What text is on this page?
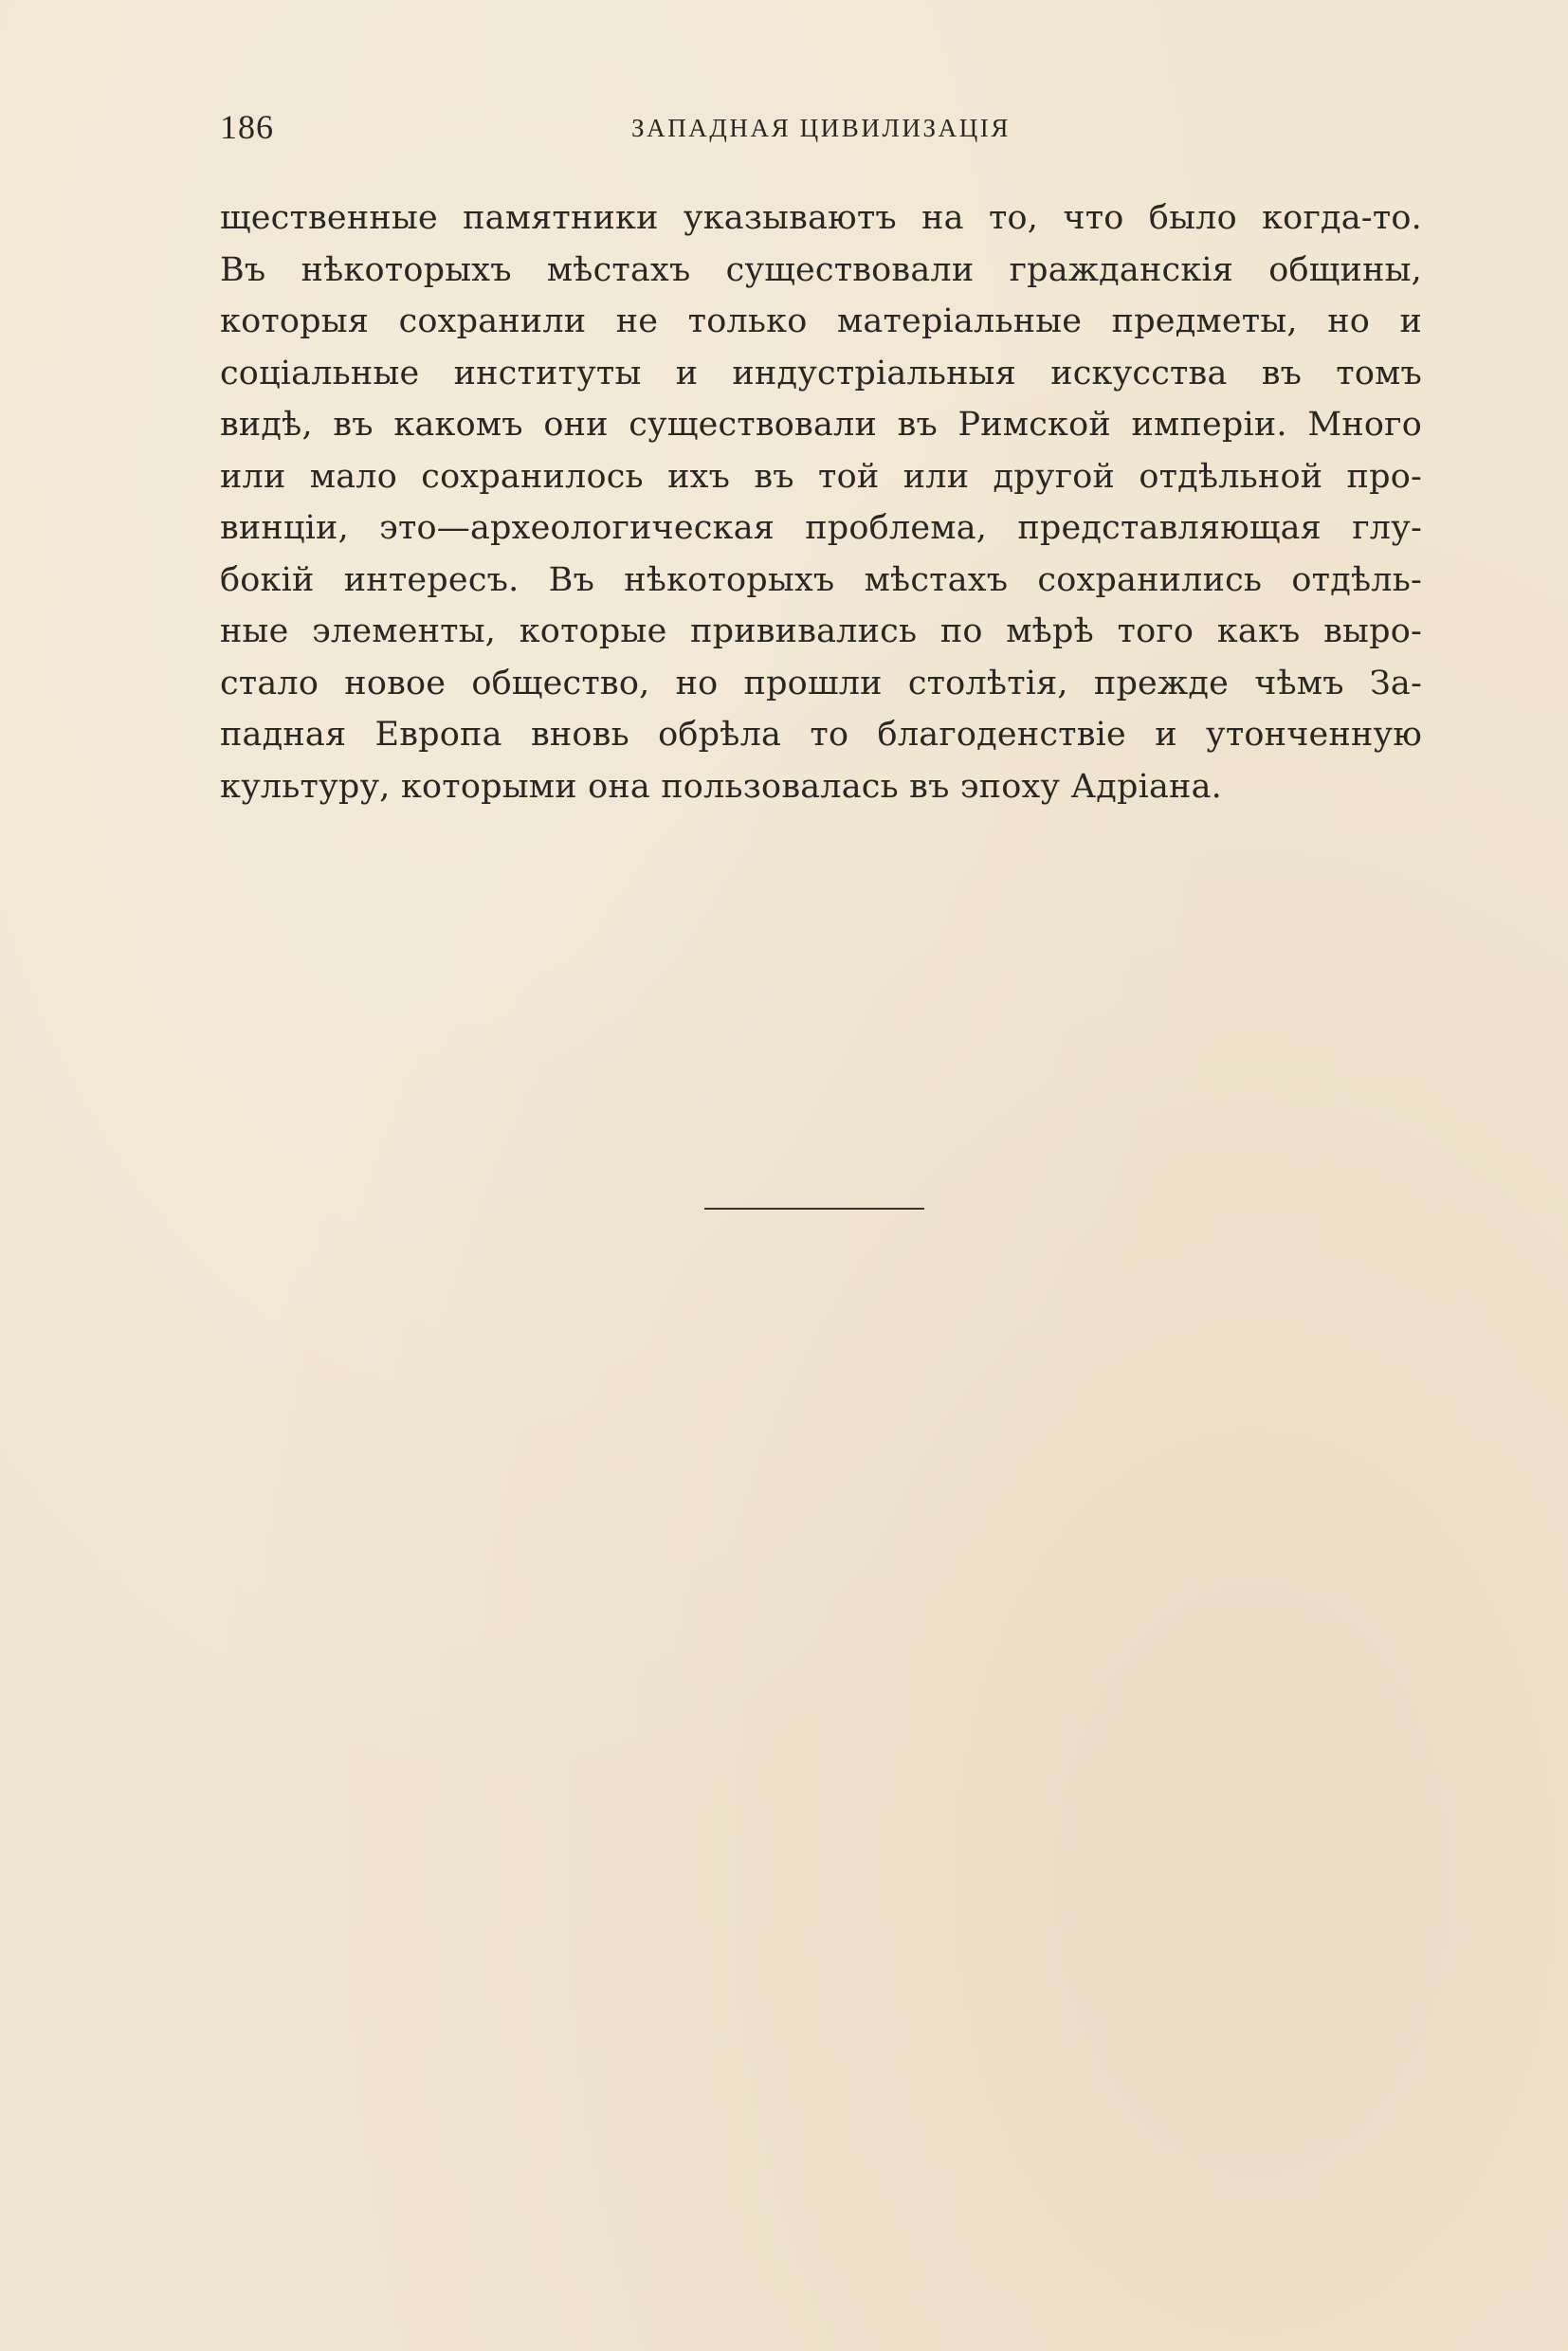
186	ЗАПАДНАЯ ЦИВИЛИЗАЦІЯ
щественные памятники указываютъ на то, что было когда-то.
Въ нѣкоторыхъ мѣстахъ существовали гражданскія общины,
которыя сохранили не только матеріальные предметы, но и
соціальные институты и индустріальныя искусства въ томъ
видѣ, въ какомъ они существовали въ Римской имперіи. Много
или мало сохранилось ихъ въ той или другой отдѣльной про-
винціи, это—археологическая проблема, представляющая глу-
бокій интересъ. Въ нѣкоторыхъ мѣстахъ сохранились отдѣль-
ные элементы, которые прививались по мѣрѣ того какъ выро-
стало новое общество, но прошли столѣтія, прежде чѣмъ За-
падная Европа вновь обрѣла то благоденствіе и утонченную
культуру, которыми она пользовалась въ эпоху Адріана.
